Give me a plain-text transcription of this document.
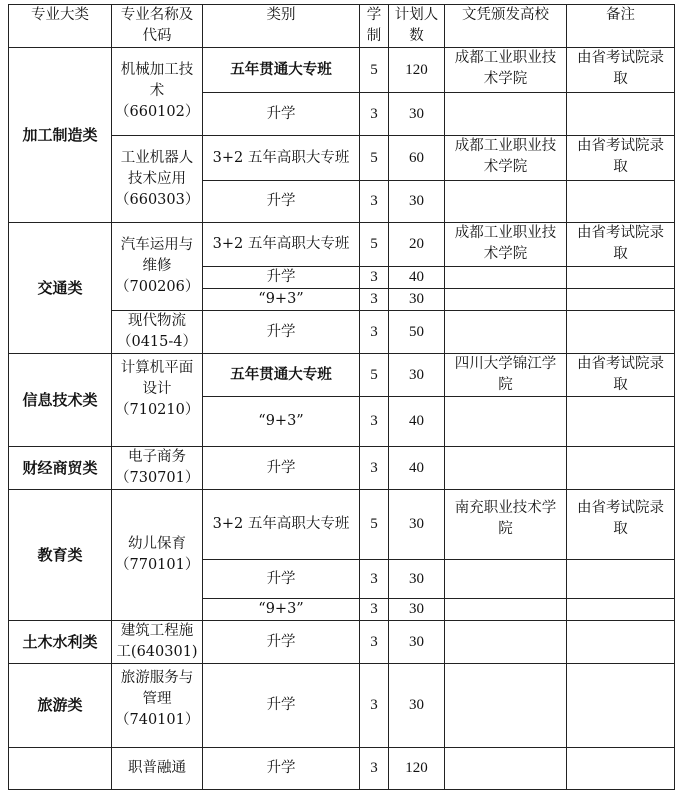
专业大类	专业名称及代码	类别	学制	计划人数	文凭颁发高校	备注
加工制造类	机械加工技术（660102）	五年贯通大专班	5	120	成都工业职业技术学院	由省考试院录取
		升学	3	30		
	工业机器人技术应用（660303）	3+2 五年高职大专班	5	60	成都工业职业技术学院	由省考试院录取
		升学	3	30		
交通类	汽车运用与维修（700206）	3+2 五年高职大专班	5	20	成都工业职业技术学院	由省考试院录取
		升学	3	40		
		“9+3”	3	30		
	现代物流（0415-4）	升学	3	50		
信息技术类	计算机平面设计（710210）	五年贯通大专班	5	30	四川大学锦江学院	由省考试院录取
		“9+3”	3	40		
财经商贸类	电子商务（730701）	升学	3	40		
教育类	幼儿保育（770101）	3+2 五年高职大专班	5	30	南充职业技术学院	由省考试院录取
		升学	3	30		
		“9+3”	3	30		
土木水利类	建筑工程施工(640301)	升学	3	30		
旅游类	旅游服务与管理（740101）	升学	3	30		
	职普融通	升学	3	120		
